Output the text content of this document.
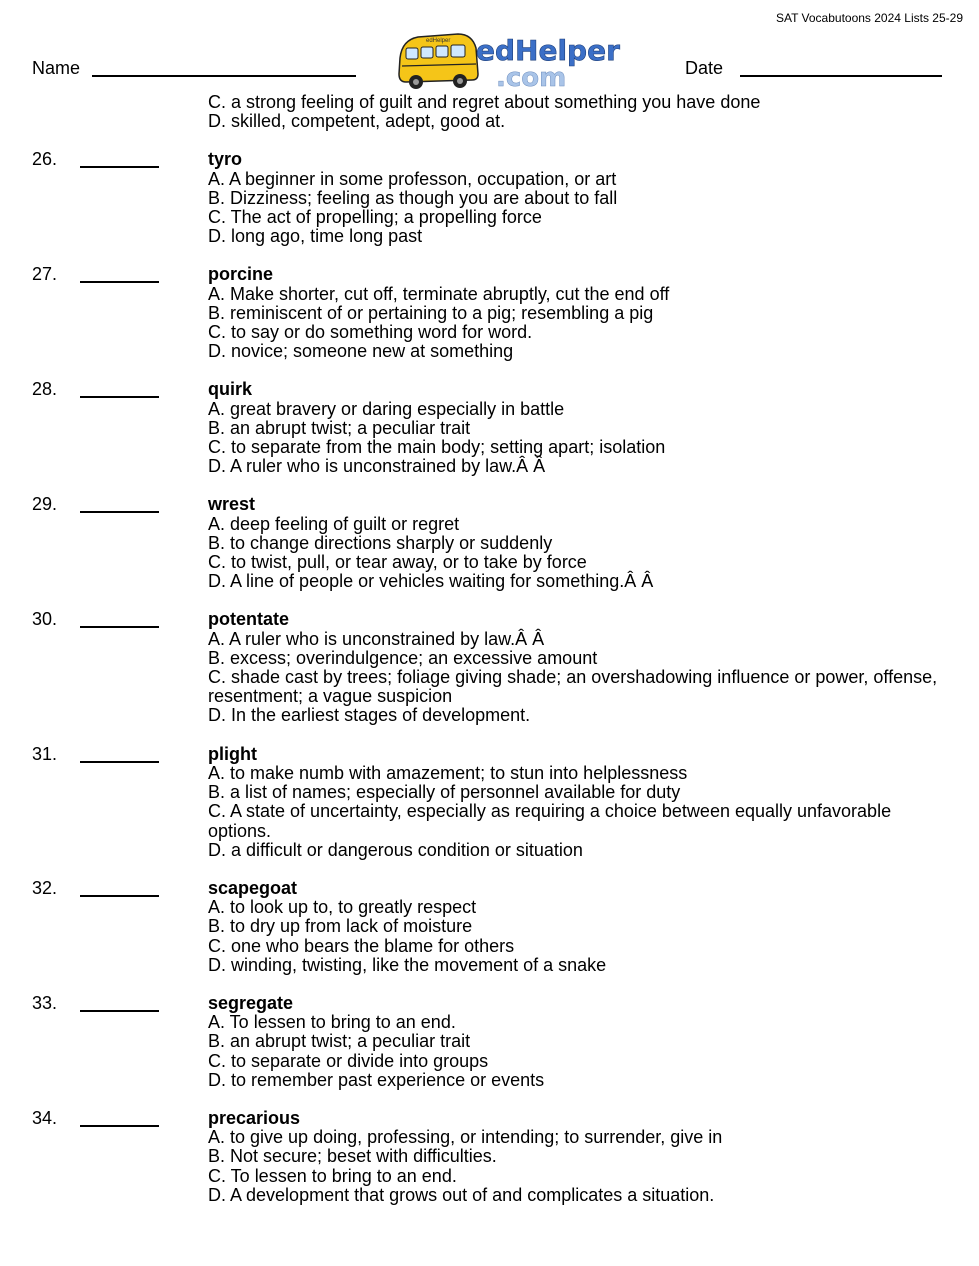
SAT Vocabutoons 2024 Lists 25-29
Name	Date
edHelper edHelper
.com
C. a strong feeling of guilt and regret about something you have done
D. skilled, competent, adept, good at.
26.	tyro
A. A beginner in some professon, occupation, or art
B. Dizziness; feeling as though you are about to fall
C. The act of propelling; a propelling force
D. long ago, time long past
27.	porcine
A. Make shorter, cut off, terminate abruptly, cut the end off
B. reminiscent of or pertaining to a pig; resembling a pig
C. to say or do something word for word.
D. novice; someone new at something
28.	quirk
A. great bravery or daring especially in battle
B. an abrupt twist; a peculiar trait
C. to separate from the main body; setting apart; isolation
D. A ruler who is unconstrained by law.Â Â
29.	wrest
A. deep feeling of guilt or regret
B. to change directions sharply or suddenly
C. to twist, pull, or tear away, or to take by force
D. A line of people or vehicles waiting for something.Â Â
30.	potentate
A. A ruler who is unconstrained by law.Â Â
B. excess; overindulgence; an excessive amount
C. shade cast by trees; foliage giving shade; an overshadowing influence or power, offense, resentment; a vague suspicion
D. In the earliest stages of development.
31.	plight
A. to make numb with amazement; to stun into helplessness
B. a list of names; especially of personnel available for duty
C. A state of uncertainty, especially as requiring a choice between equally unfavorable options.
D. a difficult or dangerous condition or situation
32.	scapegoat
A. to look up to, to greatly respect
B. to dry up from lack of moisture
C. one who bears the blame for others
D. winding, twisting, like the movement of a snake
33.	segregate
A. To lessen to bring to an end.
B. an abrupt twist; a peculiar trait
C. to separate or divide into groups
D. to remember past experience or events
34.	precarious
A. to give up doing, professing, or intending; to surrender, give in
B. Not secure; beset with difficulties.
C. To lessen to bring to an end.
D. A development that grows out of and complicates a situation.
